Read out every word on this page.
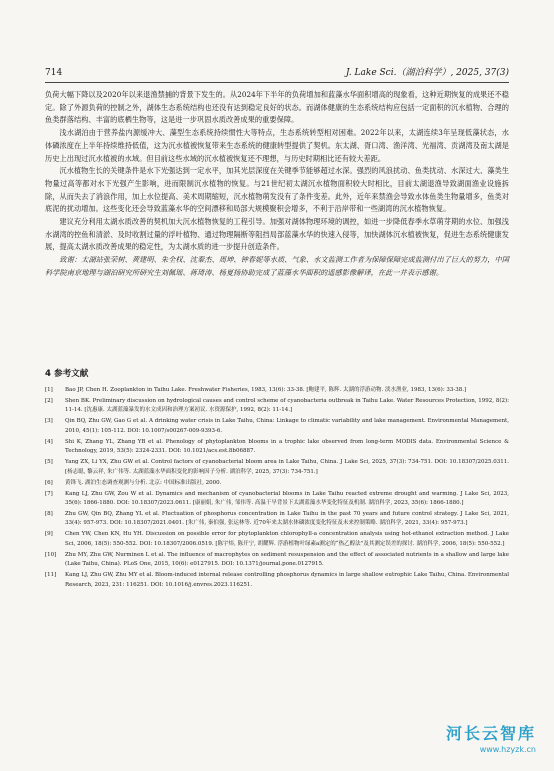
714	J. Lake Sci.（湖泊科学）, 2025, 37(3)

负荷大幅下降以及2020年以来退渔禁捕的背景下发生的。从2024年下半年的负荷增加和蓝藻水华面积增高的现象看，这种近期恢复的成果还不稳定。除了外源负荷的控制之外，湖体生态系统结构也还没有达到稳定良好的状态。而湖体健康的生态系统结构应包括一定面积的沉水植物、合理的鱼类群落结构、丰富的底栖生物等，这是进一步巩固水质改善成果的重要保障。

浅水湖泊由于营养盐内源缓冲大、藻型生态系统持续惯性大等特点，生态系统转型相对困难。2022年以来，太湖连续3年呈现低藻状态，水体磷浓度在上半年持续维持低值，这为沉水植被恢复带来生态系统的健康转型提供了契机。东太湖、胥口湾、渔洋湾、光福湾、贡湖湾及南太湖是历史上出现过沉水植被的水域。但目前这些水域的沉水植被恢复还不理想，与历史时期相比还有较大差距。

沉水植物生长的关键条件是水下光强达到一定水平，加其光层深度在关键季节能够超过水深。强烈的风浪扰动、鱼类扰动、水深过大、藻类生物量过高等都对水下光强产生影响，进而限制沉水植物的恢复。与21世纪初太湖沉水植物面积较大时相比，目前太湖退渔导致湖面渔业设施拆除，从而失去了消浪作用，加上水位提高、美术周期缩短，沉水植物萌发没有了条件变差。此外，近年来禁渔会导致水体鱼类生物量增多，鱼类对底泥的扰动增加。这些变化还会导致蓝藻水华的空间漂移和局部大规模聚积会增多，不利于沿岸带和一些湖湾的沉水植物恢复。

建议充分利用太湖水质改善的契机加大沉水植物恢复的工程引导。加强对湖体物理环境的调控，如进一步降低春季水草萌芽期的水位、加强浅水湖湾的控鱼和清淤、及时收割过量的浮叶植物、通过物理隔断等阻挡局部蓝藻水华的快速入侵等，加快湖体沉水植被恢复，促进生态系统健康发展，提高太湖水质改善成果的稳定性，为太湖水质的进一步提升创造条件。

致谢：太湖站张荣树、黄建明、朱全权、沈秦杰、周坤、钟春妮等水质、气象、水文监测工作者为保障保障完成监测付出了巨大的努力，中国科学院南京地理与湖泊研究所研究生刘佩瑶、蒋琦涛、杨夏扬协助完成了蓝藻水华面积的遥感影像解译，在此一并表示感谢。

4 参考文献
[1]	Bao JP, Chen H. Zooplankton in Taihu Lake. Freshwater Fisheries, 1983, 13(6): 33-38. [鲍建平, 陈辉. 太湖的浮游动物. 淡水渔业, 1983, 13(6): 33-38.]
[2]	Shen BK. Preliminary discussion on hydrological causes and control scheme of cyanobacteria outbreak in Taihu Lake. Water Resources Protection, 1992, 8(2): 11-14. [沈惠康. 太湖蓝藻暴发的水文成因和治理方案初议. 水资源保护, 1992, 8(2): 11-14.]
[3]	Qin BQ, Zhu GW, Gao G et al. A drinking water crisis in Lake Taihu, China: Linkage to climatic variability and lake management. Environmental Management, 2010, 45(1): 105-112. DOI: 10.1007/s00267-009-9393-6.
[4]	Shi K, Zhang YL, Zhang YB et al. Phenology of phytoplankton blooms in a trophic lake observed from long-term MODIS data. Environmental Science & Technology, 2019, 53(5): 2324-2331. DOI: 10.1021/acs.est.8b06887.
[5]	Yang ZX, Li YX, Zhu GW et al. Control factors of cyanobacterial bloom area in Lake Taihu, China. J Lake Sci, 2025, 37(3): 734-751. DOI: 10.18307/2025.0311. [杨志聪, 黎云祥, 朱广伟等. 太湖蓝藻水华面积变化的影响因子分析. 湖泊科学, 2025, 37(3): 734-751.]
[6]	黄锋飞. 湖泊生态调查观测与分析. 北京: 中国标准出版社, 2000.
[7]	Kang LJ, Zhu GW, Zou W et al. Dynamics and mechanism of cyanobacterial blooms in Lake Taihu reacted extreme drought and warming. J Lake Sci, 2023, 35(6): 1866-1880. DOI: 10.18307/2023.0611. [康丽娟, 朱广伟, 邹伟等. 高温干旱背景下太湖蓝藻水华变化特征及机制. 湖泊科学, 2023, 35(6): 1866-1880.]
[8]	Zhu GW, Qin BQ, Zhang YL et al. Fluctuation of phosphorus concentration in Lake Taihu in the past 70 years and future control strategy. J Lake Sci, 2021, 33(4): 957-973. DOI: 10.18307/2021.0401. [朱广伟, 秦伯强, 张运林等. 近70年来太湖水体磷浓度变化特征及未来控制策略. 湖泊科学, 2021, 33(4): 957-973.]
[9]	Chen YW, Chen KN, Hu YH. Discussion on possible error for phytoplankton chlorophyll-a concentration analysis using hot-ethanol extraction method. J Lake Sci, 2006, 18(5): 550-552. DOI: 10.18307/2006.0519. [陈宇炜, 陈开宁, 胡耀辉. 浮游植物叶绿素a测定的“热乙醇法”及其测定误差的探讨. 湖泊科学, 2006, 18(5): 550-552.]
[10]	Zhu MY, Zhu GW, Nurminen L et al. The influence of macrophytes on sediment resuspension and the effect of associated nutrients in a shallow and large lake (Lake Taihu, China). PLoS One, 2015, 10(6): e0127915. DOI: 10.1371/journal.pone.0127915.
[11]	Kang LJ, Zhu GW, Zhu MY et al. Bloom-induced internal release controlling phosphorus dynamics in large shallow eutrophic Lake Taihu, China. Environmental Research, 2023, 231: 116251. DOI: 10.1016/j.envres.2023.116251.
河长云智库
www.hzyzk.cn
